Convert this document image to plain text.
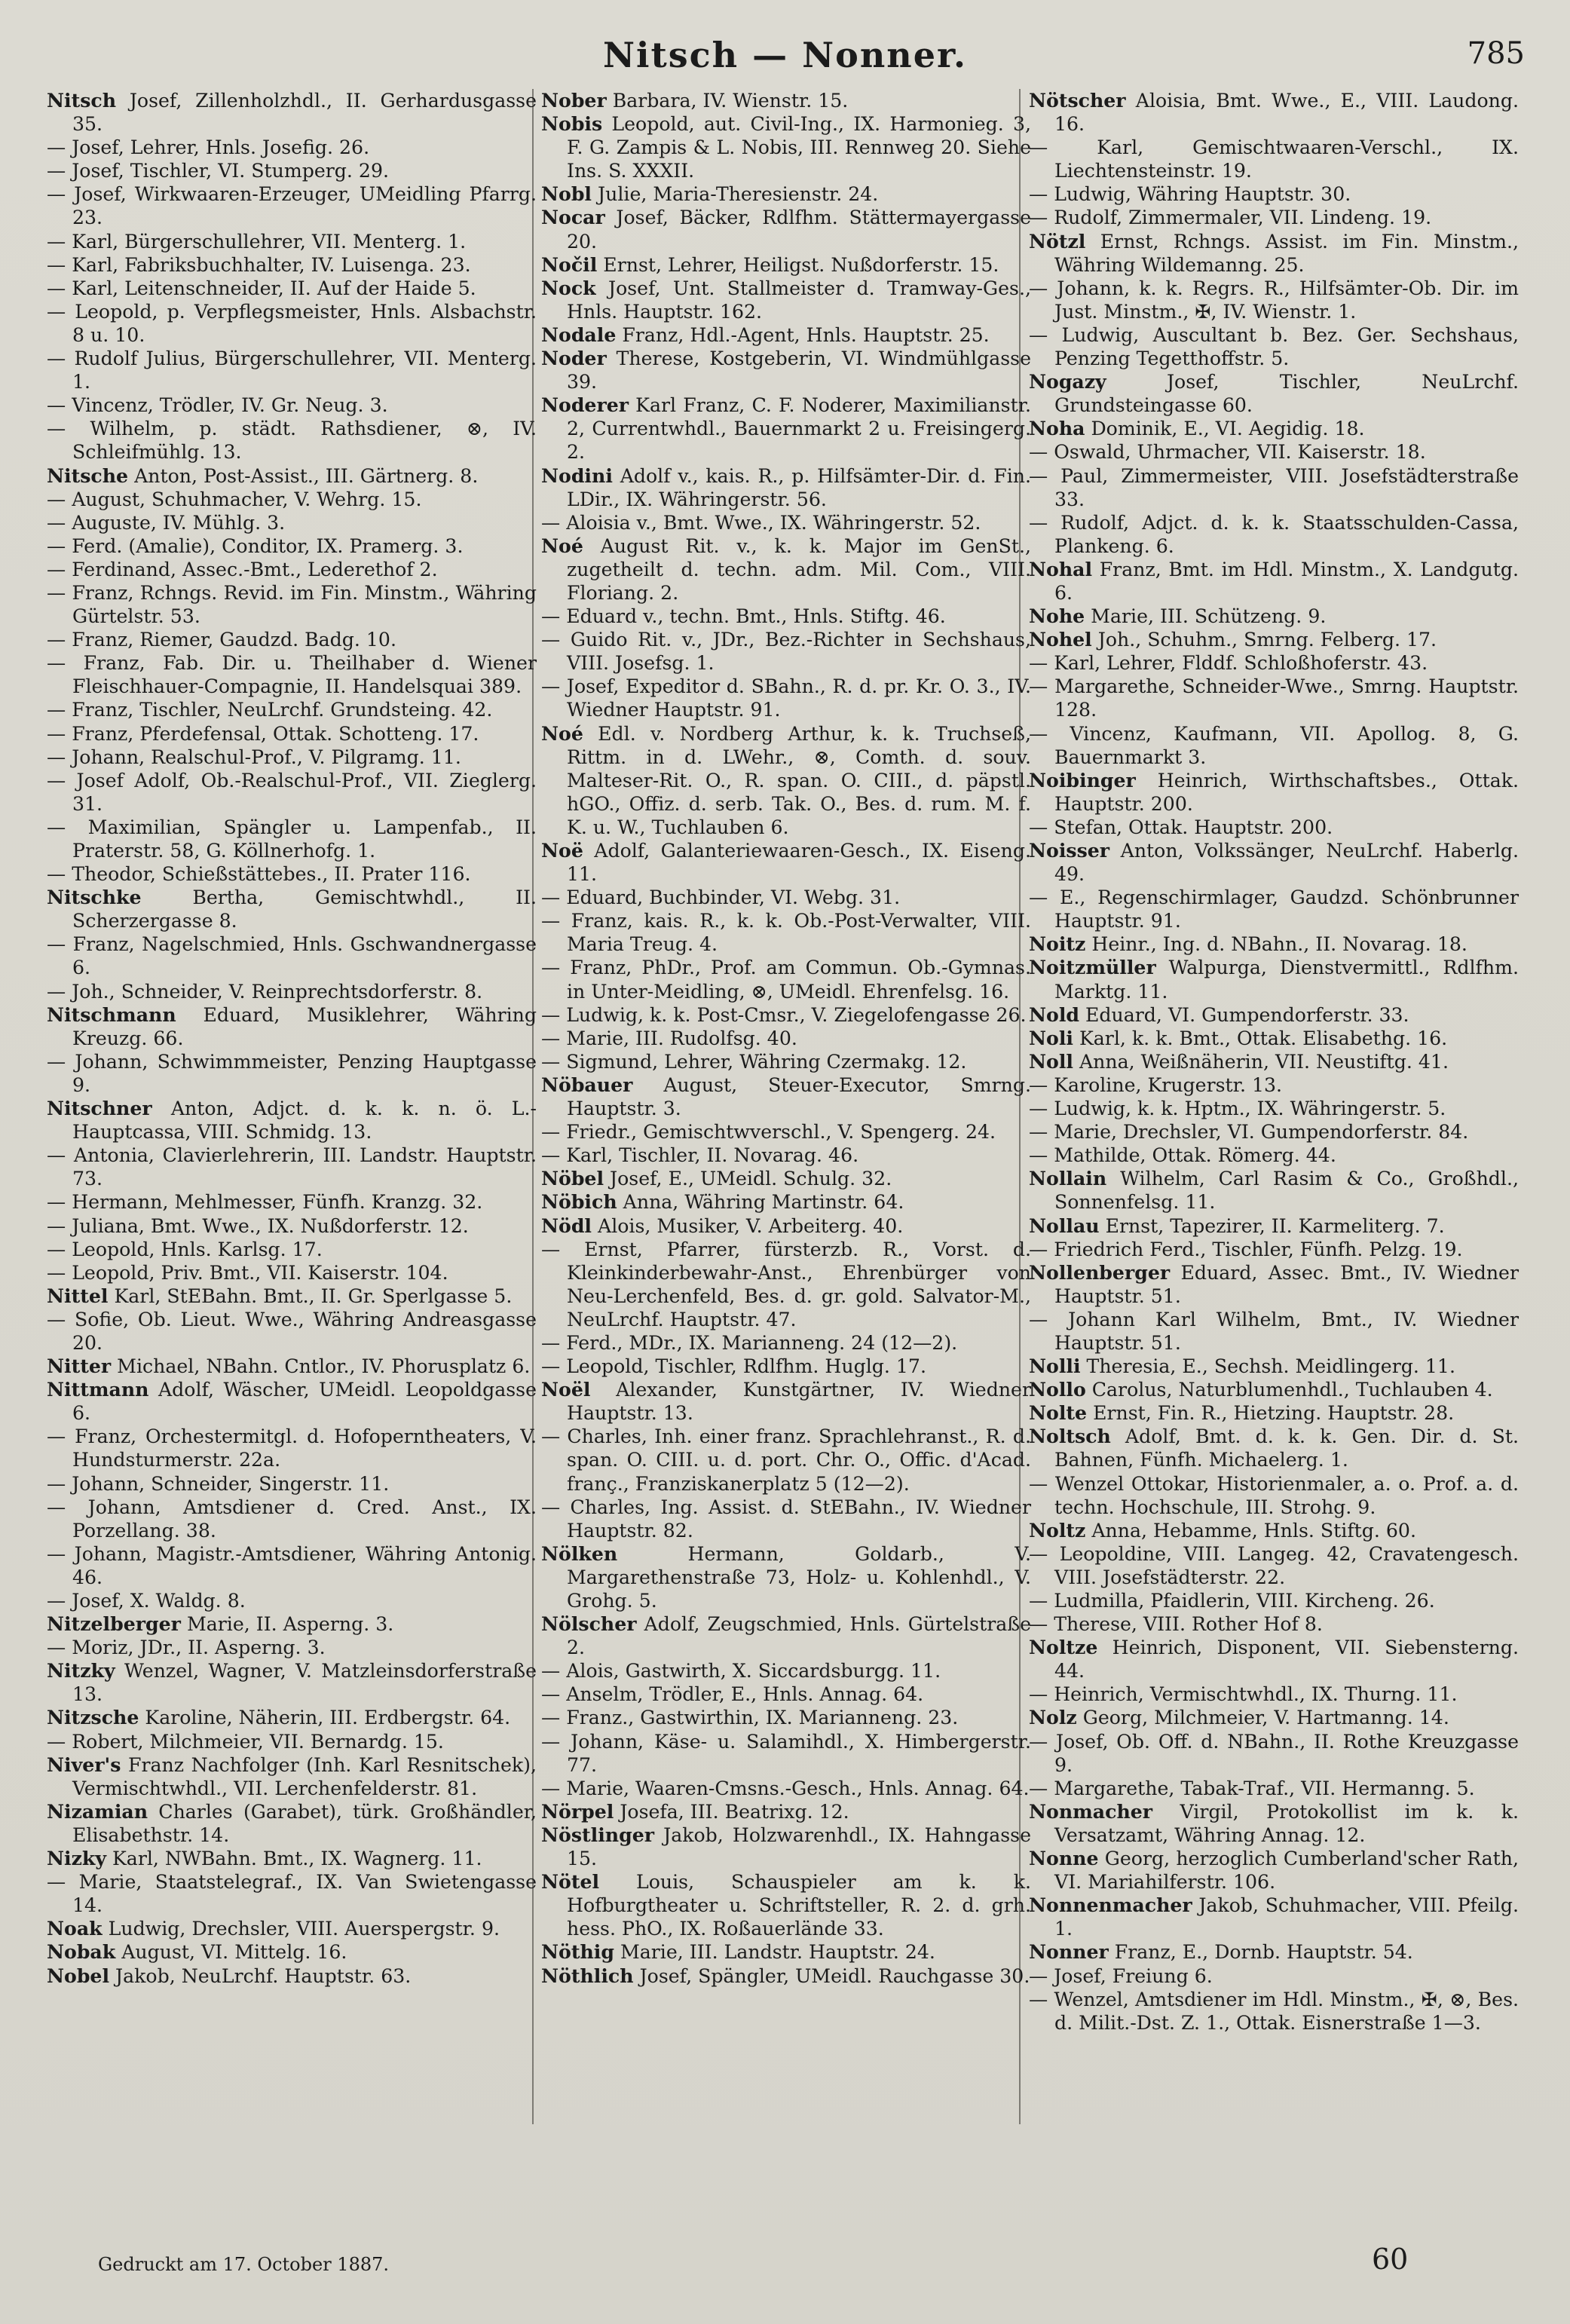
Nitsch — Nonner.	785

Nitsch Josef, Zillenholzhdl., II. Gerhardusgasse 35.

— Josef, Lehrer, Hnls. Josefig. 26.

— Josef, Tischler, VI. Stumperg. 29.

— Josef, Wirkwaaren-Erzeuger, UMeidling Pfarrg. 23.

— Karl, Bürgerschullehrer, VII. Menterg. 1.

— Karl, Fabriksbuchhalter, IV. Luisenga. 23.

— Karl, Leitenschneider, II. Auf der Haide 5.

— Leopold, p. Verpflegsmeister, Hnls. Alsbachstr. 8 u. 10.

— Rudolf Julius, Bürgerschullehrer, VII. Menterg. 1.

— Vincenz, Trödler, IV. Gr. Neug. 3.

— Wilhelm, p. städt. Rathsdiener, ⊗, IV. Schleifmühlg. 13.

Nitsche Anton, Post-Assist., III. Gärtnerg. 8.

— August, Schuhmacher, V. Wehrg. 15.

— Auguste, IV. Mühlg. 3.

— Ferd. (Amalie), Conditor, IX. Pramerg. 3.

— Ferdinand, Assec.-Bmt., Lederethof 2.

— Franz, Rchngs. Revid. im Fin. Minstm., Währing Gürtelstr. 53.

— Franz, Riemer, Gaudzd. Badg. 10.

— Franz, Fab. Dir. u. Theilhaber d. Wiener Fleischhauer-Compagnie, II. Handelsquai 389.

— Franz, Tischler, NeuLrchf. Grundsteing. 42.

— Franz, Pferdefensal, Ottak. Schotteng. 17.

— Johann, Realschul-Prof., V. Pilgramg. 11.

— Josef Adolf, Ob.-Realschul-Prof., VII. Zieglerg. 31.

— Maximilian, Spängler u. Lampenfab., II. Praterstr. 58, G. Köllnerhofg. 1.

— Theodor, Schießstättebes., II. Prater 116.

Nitschke Bertha, Gemischtwhdl., II. Scherzergasse 8.

— Franz, Nagelschmied, Hnls. Gschwandnergasse 6.

— Joh., Schneider, V. Reinprechtsdorferstr. 8.

Nitschmann Eduard, Musiklehrer, Währing Kreuzg. 66.

— Johann, Schwimmmeister, Penzing Hauptgasse 9.

Nitschner Anton, Adjct. d. k. k. n. ö. L.-Hauptcassa, VIII. Schmidg. 13.

— Antonia, Clavierlehrerin, III. Landstr. Hauptstr. 73.

— Hermann, Mehlmesser, Fünfh. Kranzg. 32.

— Juliana, Bmt. Wwe., IX. Nußdorferstr. 12.

— Leopold, Hnls. Karlsg. 17.

— Leopold, Priv. Bmt., VII. Kaiserstr. 104.

Nittel Karl, StEBahn. Bmt., II. Gr. Sperlgasse 5.

— Sofie, Ob. Lieut. Wwe., Währing Andreasgasse 20.

Nitter Michael, NBahn. Cntlor., IV. Phorusplatz 6.

Nittmann Adolf, Wäscher, UMeidl. Leopoldgasse 6.

— Franz, Orchestermitgl. d. Hofoperntheaters, V. Hundsturmerstr. 22a.

— Johann, Schneider, Singerstr. 11.

— Johann, Amtsdiener d. Cred. Anst., IX. Porzellang. 38.

— Johann, Magistr.-Amtsdiener, Währing Antonig. 46.

— Josef, X. Waldg. 8.

Nitzelberger Marie, II. Asperng. 3.

— Moriz, JDr., II. Asperng. 3.

Nitzky Wenzel, Wagner, V. Matzleinsdorferstraße 13.

Nitzsche Karoline, Näherin, III. Erdbergstr. 64.

— Robert, Milchmeier, VII. Bernardg. 15.

Niver's Franz Nachfolger (Inh. Karl Resnitschek), Vermischtwhdl., VII. Lerchenfelderstr. 81.

Nizamian Charles (Garabet), türk. Großhändler, Elisabethstr. 14.

Nizky Karl, NWBahn. Bmt., IX. Wagnerg. 11.

— Marie, Staatstelegraf., IX. Van Swietengasse 14.

Noak Ludwig, Drechsler, VIII. Auerspergstr. 9.

Nobak August, VI. Mittelg. 16.

Nobel Jakob, NeuLrchf. Hauptstr. 63.

Nober Barbara, IV. Wienstr. 15.

Nobis Leopold, aut. Civil-Ing., IX. Harmonieg. 3, F. G. Zampis & L. Nobis, III. Rennweg 20. Siehe Ins. S. XXXII.

Nobl Julie, Maria-Theresienstr. 24.

Nocar Josef, Bäcker, Rdlfhm. Stättermayergasse 20.

Nočil Ernst, Lehrer, Heiligst. Nußdorferstr. 15.

Nock Josef, Unt. Stallmeister d. Tramway-Ges., Hnls. Hauptstr. 162.

Nodale Franz, Hdl.-Agent, Hnls. Hauptstr. 25.

Noder Therese, Kostgeberin, VI. Windmühlgasse 39.

Noderer Karl Franz, C. F. Noderer, Maximilianstr. 2, Currentwhdl., Bauernmarkt 2 u. Freisingerg. 2.

Nodini Adolf v., kais. R., p. Hilfsämter-Dir. d. Fin. LDir., IX. Währingerstr. 56.

— Aloisia v., Bmt. Wwe., IX. Währingerstr. 52.

Noé August Rit. v., k. k. Major im GenSt., zugetheilt d. techn. adm. Mil. Com., VIII. Floriang. 2.

— Eduard v., techn. Bmt., Hnls. Stiftg. 46.

— Guido Rit. v., JDr., Bez.-Richter in Sechshaus, VIII. Josefsg. 1.

— Josef, Expeditor d. SBahn., R. d. pr. Kr. O. 3., IV. Wiedner Hauptstr. 91.

Noé Edl. v. Nordberg Arthur, k. k. Truchseß, Rittm. in d. LWehr., ⊗, Comth. d. souv. Malteser-Rit. O., R. span. O. CIII., d. päpstl. hGO., Offiz. d. serb. Tak. O., Bes. d. rum. M. f. K. u. W., Tuchlauben 6.

Noë Adolf, Galanteriewaaren-Gesch., IX. Eiseng. 11.

— Eduard, Buchbinder, VI. Webg. 31.

— Franz, kais. R., k. k. Ob.-Post-Verwalter, VIII. Maria Treug. 4.

— Franz, PhDr., Prof. am Commun. Ob.-Gymnas. in Unter-Meidling, ⊗, UMeidl. Ehrenfelsg. 16.

— Ludwig, k. k. Post-Cmsr., V. Ziegelofengasse 26.

— Marie, III. Rudolfsg. 40.

— Sigmund, Lehrer, Währing Czermakg. 12.

Nöbauer August, Steuer-Executor, Smrng. Hauptstr. 3.

— Friedr., Gemischtwverschl., V. Spengerg. 24.

— Karl, Tischler, II. Novarag. 46.

Nöbel Josef, E., UMeidl. Schulg. 32.

Nöbich Anna, Währing Martinstr. 64.

Nödl Alois, Musiker, V. Arbeiterg. 40.

— Ernst, Pfarrer, fürsterzb. R., Vorst. d. Kleinkinderbewahr-Anst., Ehrenbürger von Neu-Lerchenfeld, Bes. d. gr. gold. Salvator-M., NeuLrchf. Hauptstr. 47.

— Ferd., MDr., IX. Marianneng. 24 (12—2).

— Leopold, Tischler, Rdlfhm. Huglg. 17.

Noël Alexander, Kunstgärtner, IV. Wiedner Hauptstr. 13.

— Charles, Inh. einer franz. Sprachlehranst., R. d. span. O. CIII. u. d. port. Chr. O., Offic. d'Acad. franç., Franziskanerplatz 5 (12—2).

— Charles, Ing. Assist. d. StEBahn., IV. Wiedner Hauptstr. 82.

Nölken Hermann, Goldarb., V. Margarethenstraße 73, Holz- u. Kohlenhdl., V. Grohg. 5.

Nölscher Adolf, Zeugschmied, Hnls. Gürtelstraße 2.

— Alois, Gastwirth, X. Siccardsburgg. 11.

— Anselm, Trödler, E., Hnls. Annag. 64.

— Franz., Gastwirthin, IX. Marianneng. 23.

— Johann, Käse- u. Salamihdl., X. Himbergerstr. 77.

— Marie, Waaren-Cmsns.-Gesch., Hnls. Annag. 64.

Nörpel Josefa, III. Beatrixg. 12.

Nöstlinger Jakob, Holzwarenhdl., IX. Hahngasse 15.

Nötel Louis, Schauspieler am k. k. Hofburgtheater u. Schriftsteller, R. 2. d. grh. hess. PhO., IX. Roßauerlände 33.

Nöthig Marie, III. Landstr. Hauptstr. 24.

Nöthlich Josef, Spängler, UMeidl. Rauchgasse 30.

Nötscher Aloisia, Bmt. Wwe., E., VIII. Laudong. 16.

— Karl, Gemischtwaaren-Verschl., IX. Liechtensteinstr. 19.

— Ludwig, Währing Hauptstr. 30.

— Rudolf, Zimmermaler, VII. Lindeng. 19.

Nötzl Ernst, Rchngs. Assist. im Fin. Minstm., Währing Wildemanng. 25.

— Johann, k. k. Regrs. R., Hilfsämter-Ob. Dir. im Just. Minstm., ✠, IV. Wienstr. 1.

— Ludwig, Auscultant b. Bez. Ger. Sechshaus, Penzing Tegetthoffstr. 5.

Nogazy Josef, Tischler, NeuLrchf. Grundsteingasse 60.

Noha Dominik, E., VI. Aegidig. 18.

— Oswald, Uhrmacher, VII. Kaiserstr. 18.

— Paul, Zimmermeister, VIII. Josefstädterstraße 33.

— Rudolf, Adjct. d. k. k. Staatsschulden-Cassa, Plankeng. 6.

Nohal Franz, Bmt. im Hdl. Minstm., X. Landgutg. 6.

Nohe Marie, III. Schützeng. 9.

Nohel Joh., Schuhm., Smrng. Felberg. 17.

— Karl, Lehrer, Flddf. Schloßhoferstr. 43.

— Margarethe, Schneider-Wwe., Smrng. Hauptstr. 128.

— Vincenz, Kaufmann, VII. Apollog. 8, G. Bauernmarkt 3.

Noibinger Heinrich, Wirthschaftsbes., Ottak. Hauptstr. 200.

— Stefan, Ottak. Hauptstr. 200.

Noisser Anton, Volkssänger, NeuLrchf. Haberlg. 49.

— E., Regenschirmlager, Gaudzd. Schönbrunner Hauptstr. 91.

Noitz Heinr., Ing. d. NBahn., II. Novarag. 18.

Noitzmüller Walpurga, Dienstvermittl., Rdlfhm. Marktg. 11.

Nold Eduard, VI. Gumpendorferstr. 33.

Noli Karl, k. k. Bmt., Ottak. Elisabethg. 16.

Noll Anna, Weißnäherin, VII. Neustiftg. 41.

— Karoline, Krugerstr. 13.

— Ludwig, k. k. Hptm., IX. Währingerstr. 5.

— Marie, Drechsler, VI. Gumpendorferstr. 84.

— Mathilde, Ottak. Römerg. 44.

Nollain Wilhelm, Carl Rasim & Co., Großhdl., Sonnenfelsg. 11.

Nollau Ernst, Tapezirer, II. Karmeliterg. 7.

— Friedrich Ferd., Tischler, Fünfh. Pelzg. 19.

Nollenberger Eduard, Assec. Bmt., IV. Wiedner Hauptstr. 51.

— Johann Karl Wilhelm, Bmt., IV. Wiedner Hauptstr. 51.

Nolli Theresia, E., Sechsh. Meidlingerg. 11.

Nollo Carolus, Naturblumenhdl., Tuchlauben 4.

Nolte Ernst, Fin. R., Hietzing. Hauptstr. 28.

Noltsch Adolf, Bmt. d. k. k. Gen. Dir. d. St. Bahnen, Fünfh. Michaelerg. 1.

— Wenzel Ottokar, Historienmaler, a. o. Prof. a. d. techn. Hochschule, III. Strohg. 9.

Noltz Anna, Hebamme, Hnls. Stiftg. 60.

— Leopoldine, VIII. Langeg. 42, Cravatengesch. VIII. Josefstädterstr. 22.

— Ludmilla, Pfaidlerin, VIII. Kircheng. 26.

— Therese, VIII. Rother Hof 8.

Noltze Heinrich, Disponent, VII. Siebensterng. 44.

— Heinrich, Vermischtwhdl., IX. Thurng. 11.

Nolz Georg, Milchmeier, V. Hartmanng. 14.

— Josef, Ob. Off. d. NBahn., II. Rothe Kreuzgasse 9.

— Margarethe, Tabak-Traf., VII. Hermanng. 5.

Nonmacher Virgil, Protokollist im k. k. Versatzamt, Währing Annag. 12.

Nonne Georg, herzoglich Cumberland'scher Rath, VI. Mariahilferstr. 106.

Nonnenmacher Jakob, Schuhmacher, VIII. Pfeilg. 1.

Nonner Franz, E., Dornb. Hauptstr. 54.

— Josef, Freiung 6.

— Wenzel, Amtsdiener im Hdl. Minstm., ✠, ⊗, Bes. d. Milit.-Dst. Z. 1., Ottak. Eisnerstraße 1—3.

Gedruckt am 17. October 1887.	60
